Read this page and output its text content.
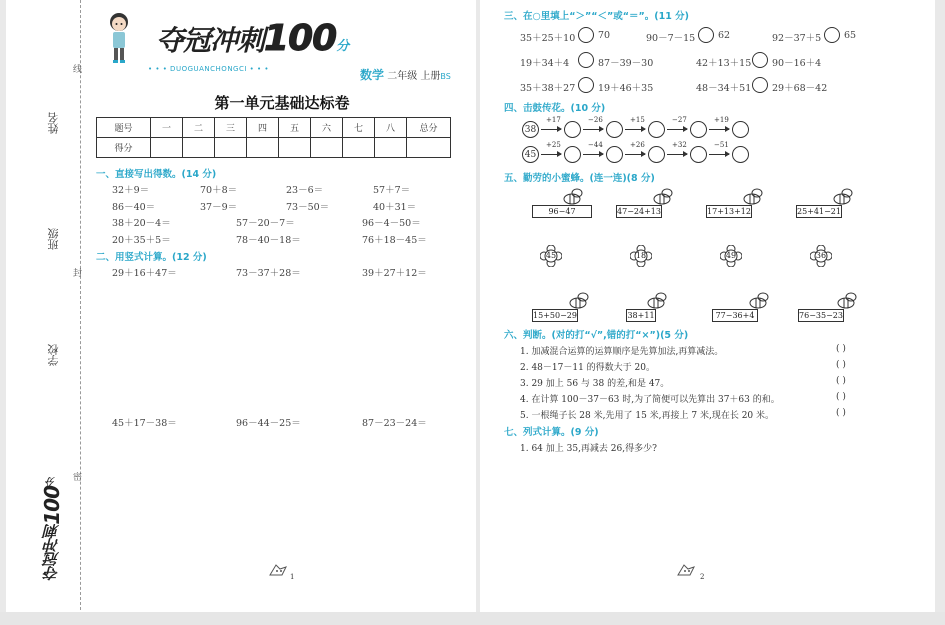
线
封
密
姓名
班级
学校
夺冠冲刺100分
夺冠冲刺100分
• • • DUOGUANCHONGCI • • •	数学 二年级 上册BS
第一单元基础达标卷
题号	一	二	三	四	五	六	七	八	总分
得分									
一、直接写出得数。(14 分)
32＋9＝	70＋8＝	23－6＝	57＋7＝
86－40＝	37－9＝	73－50＝	40＋31＝
38＋20－4＝	57－20－7＝	96－4－50＝
20＋35＋5＝	78－40－18＝	76＋18－45＝
二、用竖式计算。(12 分)
29＋16＋47＝	73－37＋28＝	39＋27＋12＝
45＋17－38＝	96－44－25＝	87－23－24＝
1
三、在○里填上“＞”“＜”或“＝”。(11 分)
35＋25＋10 70	90－7－15 62	92－37＋5 65
19＋34＋4	87－39－30	42＋13＋15 90－16＋4
35＋38＋27 19＋46＋35	48－34＋51 29＋68－42
四、击鼓传花。(10 分)
38
+17	−26	+15	−27	+19
45
+25	−44	+26	+32	−51
五、勤劳的小蜜蜂。(连一连)(8 分)
96−47	47−24+13	17+13+12	25+41−21
45	18	49	36
15+50−29	38+11	77−36+4	76−35−23
六、判断。(对的打“√”,错的打“×”)(5 分)
1. 加减混合运算的运算顺序是先算加法,再算减法。	( )
2. 48－17－11 的得数大于 20。	( )
3. 29 加上 56 与 38 的差,和是 47。	( )
4. 在计算 100－37－63 时,为了简便可以先算出 37＋63 的和。	( )
5. 一根绳子长 28 米,先用了 15 米,再接上 7 米,现在长 20 米。	( )
七、列式计算。(9 分)
1. 64 加上 35,再减去 26,得多少?
2
